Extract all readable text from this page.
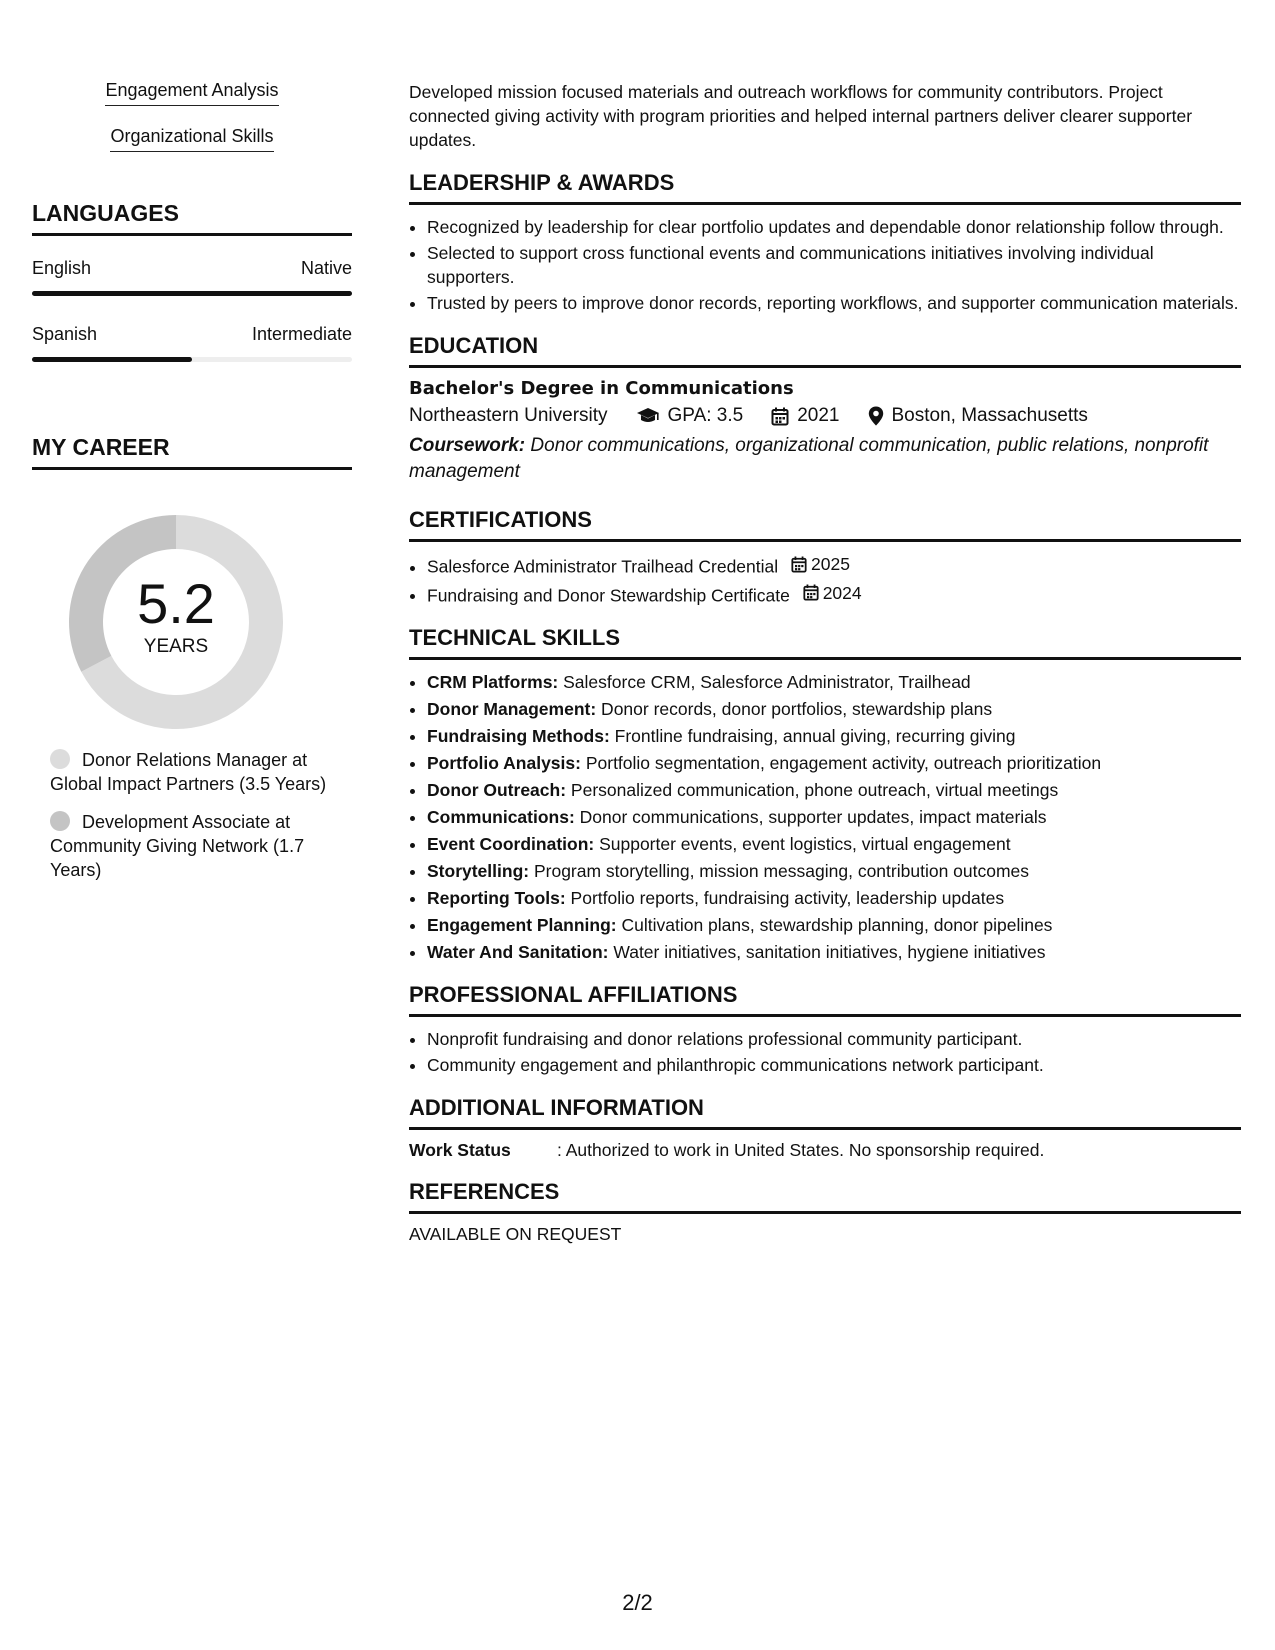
Engagement Analysis
Organizational Skills
LANGUAGES
English	Native
Spanish	Intermediate
MY CAREER
5.2
YEARS
Donor Relations Manager at Global Impact Partners (3.5 Years)
Development Associate at Community Giving Network (1.7 Years)

Developed mission focused materials and outreach workflows for community contributors. Project connected giving activity with program priorities and helped internal partners deliver clearer supporter updates.

LEADERSHIP & AWARDS
• Recognized by leadership for clear portfolio updates and dependable donor relationship follow through.
• Selected to support cross functional events and communications initiatives involving individual supporters.
• Trusted by peers to improve donor records, reporting workflows, and supporter communication materials.
EDUCATION
Bachelor's Degree in Communications
Northeastern University	GPA: 3.5	2021	Boston, Massachusetts
Coursework: Donor communications, organizational communication, public relations, nonprofit management
CERTIFICATIONS
• Salesforce Administrator Trailhead Credential 2025
• Fundraising and Donor Stewardship Certificate 2024
TECHNICAL SKILLS
• CRM Platforms: Salesforce CRM, Salesforce Administrator, Trailhead
• Donor Management: Donor records, donor portfolios, stewardship plans
• Fundraising Methods: Frontline fundraising, annual giving, recurring giving
• Portfolio Analysis: Portfolio segmentation, engagement activity, outreach prioritization
• Donor Outreach: Personalized communication, phone outreach, virtual meetings
• Communications: Donor communications, supporter updates, impact materials
• Event Coordination: Supporter events, event logistics, virtual engagement
• Storytelling: Program storytelling, mission messaging, contribution outcomes
• Reporting Tools: Portfolio reports, fundraising activity, leadership updates
• Engagement Planning: Cultivation plans, stewardship planning, donor pipelines
• Water And Sanitation: Water initiatives, sanitation initiatives, hygiene initiatives
PROFESSIONAL AFFILIATIONS
• Nonprofit fundraising and donor relations professional community participant.
• Community engagement and philanthropic communications network participant.
ADDITIONAL INFORMATION
Work Status	: Authorized to work in United States. No sponsorship required.
REFERENCES
AVAILABLE ON REQUEST
2/2
